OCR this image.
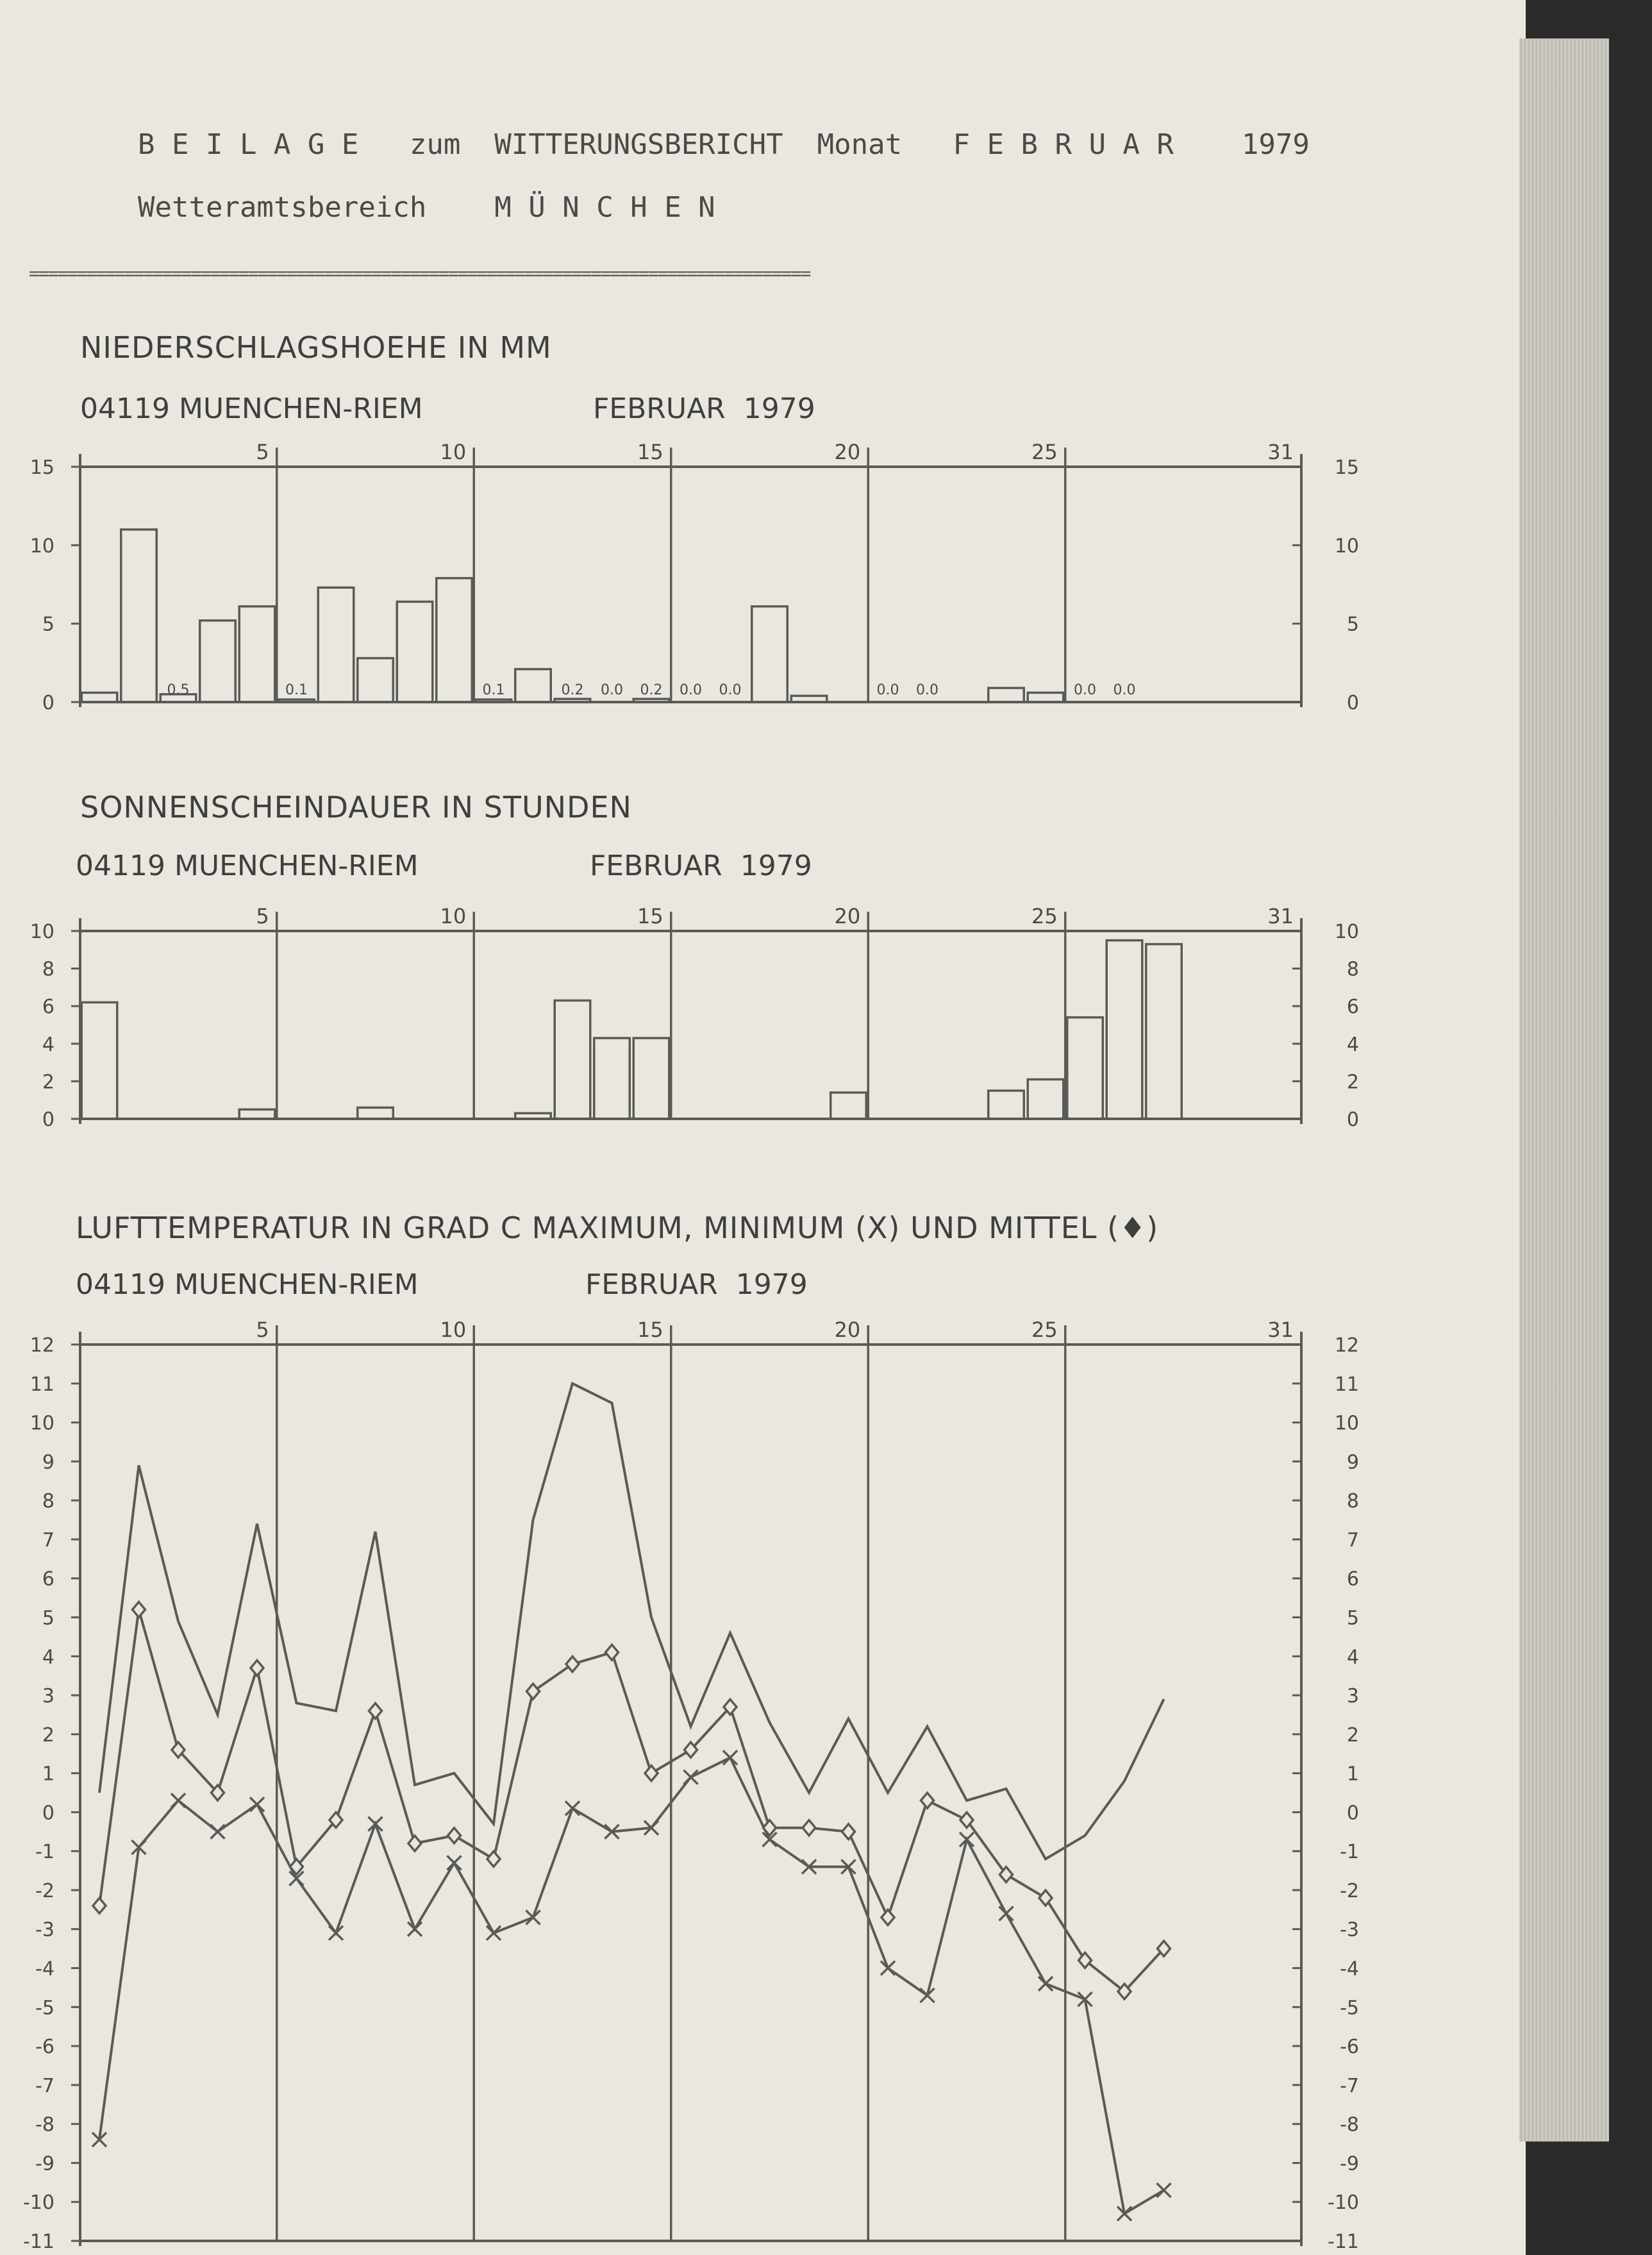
B E I L A G E   zum  WITTERUNGSBERICHT  Monat   F E B R U A R    1979
Wetteramtsbereich    M Ü N C H E N
==================================================================================
NIEDERSCHLAGSHOEHE IN MM
04119 MUENCHEN-RIEM	FEBRUAR  1979
SONNENSCHEINDAUER IN STUNDEN
04119 MUENCHEN-RIEM	FEBRUAR  1979
LUFTTEMPERATUR IN GRAD C MAXIMUM, MINIMUM (X) UND MITTEL (♦)
04119 MUENCHEN-RIEM	FEBRUAR  1979
5	10	15	20	25	31
0	0
5	5
10	10
15	15
0.5	0.1	0.1	0.2 0.0 0.2 0.0 0.0	0.0 0.0	0.0 0.0
5	10	15	20	25	31
0	0
2	2
4	4
6	6
8	8
10	10
5	10	15	20	25	31
-11	-11
-10	-10
-9	-9
-8	-8
-7	-7
-6	-6
-5	-5
-4	-4
-3	-3
-2	-2
-1	-1
0	0
1	1
2	2
3	3
4	4
5	5
6	6
7	7
8	8
9	9
10	10
11	11
12	12
